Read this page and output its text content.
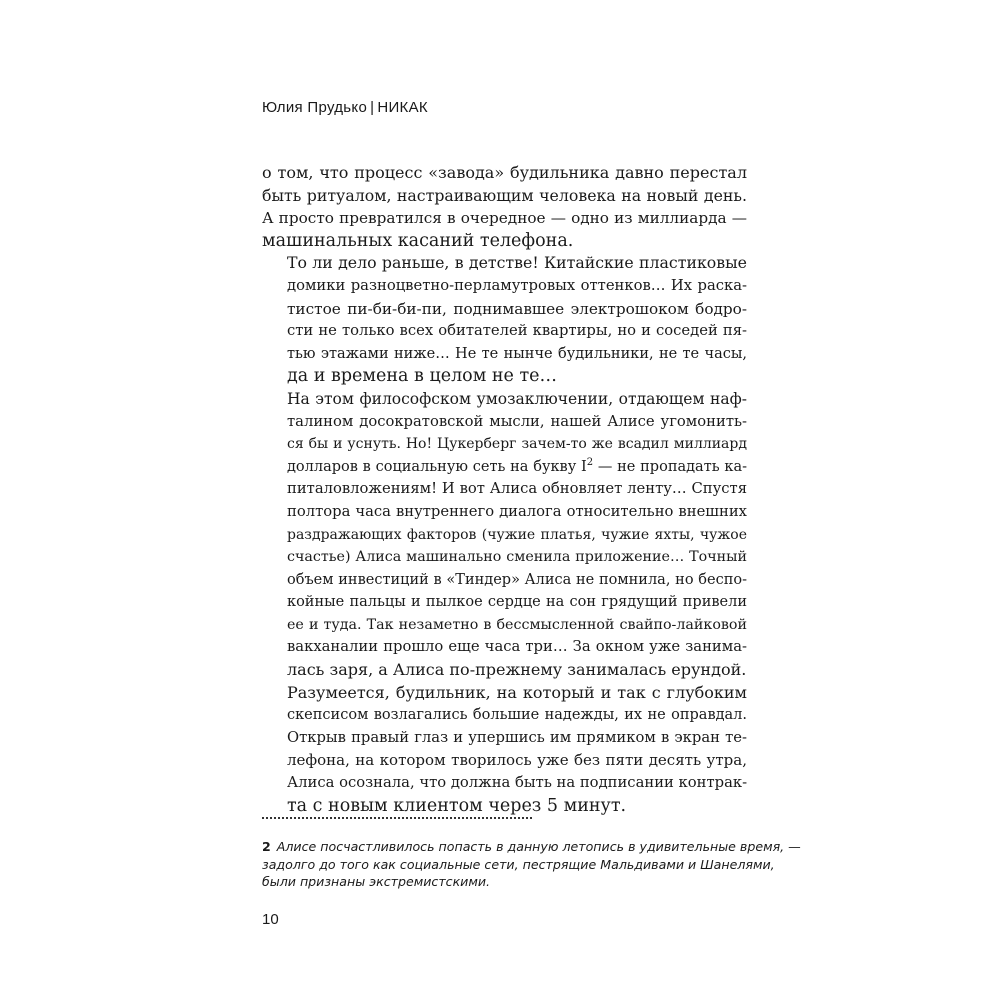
Юлия Прудько | НИКАК

о том, что процесс «завода» будильника давно перестал
быть ритуалом, настраивающим человека на новый день.
А просто превратился в очередное — одно из миллиарда —
машинальных касаний телефона.

То ли дело раньше, в детстве! Китайские пластиковые
домики разноцветно-перламутровых оттенков… Их раска-
тистое пи-би-би-пи, поднимавшее электрошоком бодро-
сти не только всех обитателей квартиры, но и соседей пя-
тью этажами ниже… Не те нынче будильники, не те часы,
да и времена в целом не те…

На этом философском умозаключении, отдающем наф-
талином досократовской мысли, нашей Алисе угомонить-
ся бы и уснуть. Но! Цукерберг зачем-то же всадил миллиард
долларов в социальную сеть на букву $I^2$ — не пропадать ка-
питаловложениям! И вот Алиса обновляет ленту… Спустя
полтора часа внутреннего диалога относительно внешних
раздражающих факторов (чужие платья, чужие яхты, чужое
счастье) Алиса машинально сменила приложение… Точный
объем инвестиций в «Тиндер» Алиса не помнила, но беспо-
койные пальцы и пылкое сердце на сон грядущий привели
ее и туда. Так незаметно в бессмысленной свайпо-лайковой
вакханалии прошло еще часа три… За окном уже занима-
лась заря, а Алиса по-прежнему занималась ерундой.

Разумеется, будильник, на который и так с глубоким
скепсисом возлагались большие надежды, их не оправдал.
Открыв правый глаз и упершись им прямиком в экран те-
лефона, на котором творилось уже без пяти десять утра,
Алиса осознала, что должна быть на подписании контрак-
та с новым клиентом через 5 минут.

2 Алисе посчастливилось попасть в данную летопись в удивительные время, —
задолго до того как социальные сети, пестрящие Мальдивами и Шанелями,
были признаны экстремистскими.
10
